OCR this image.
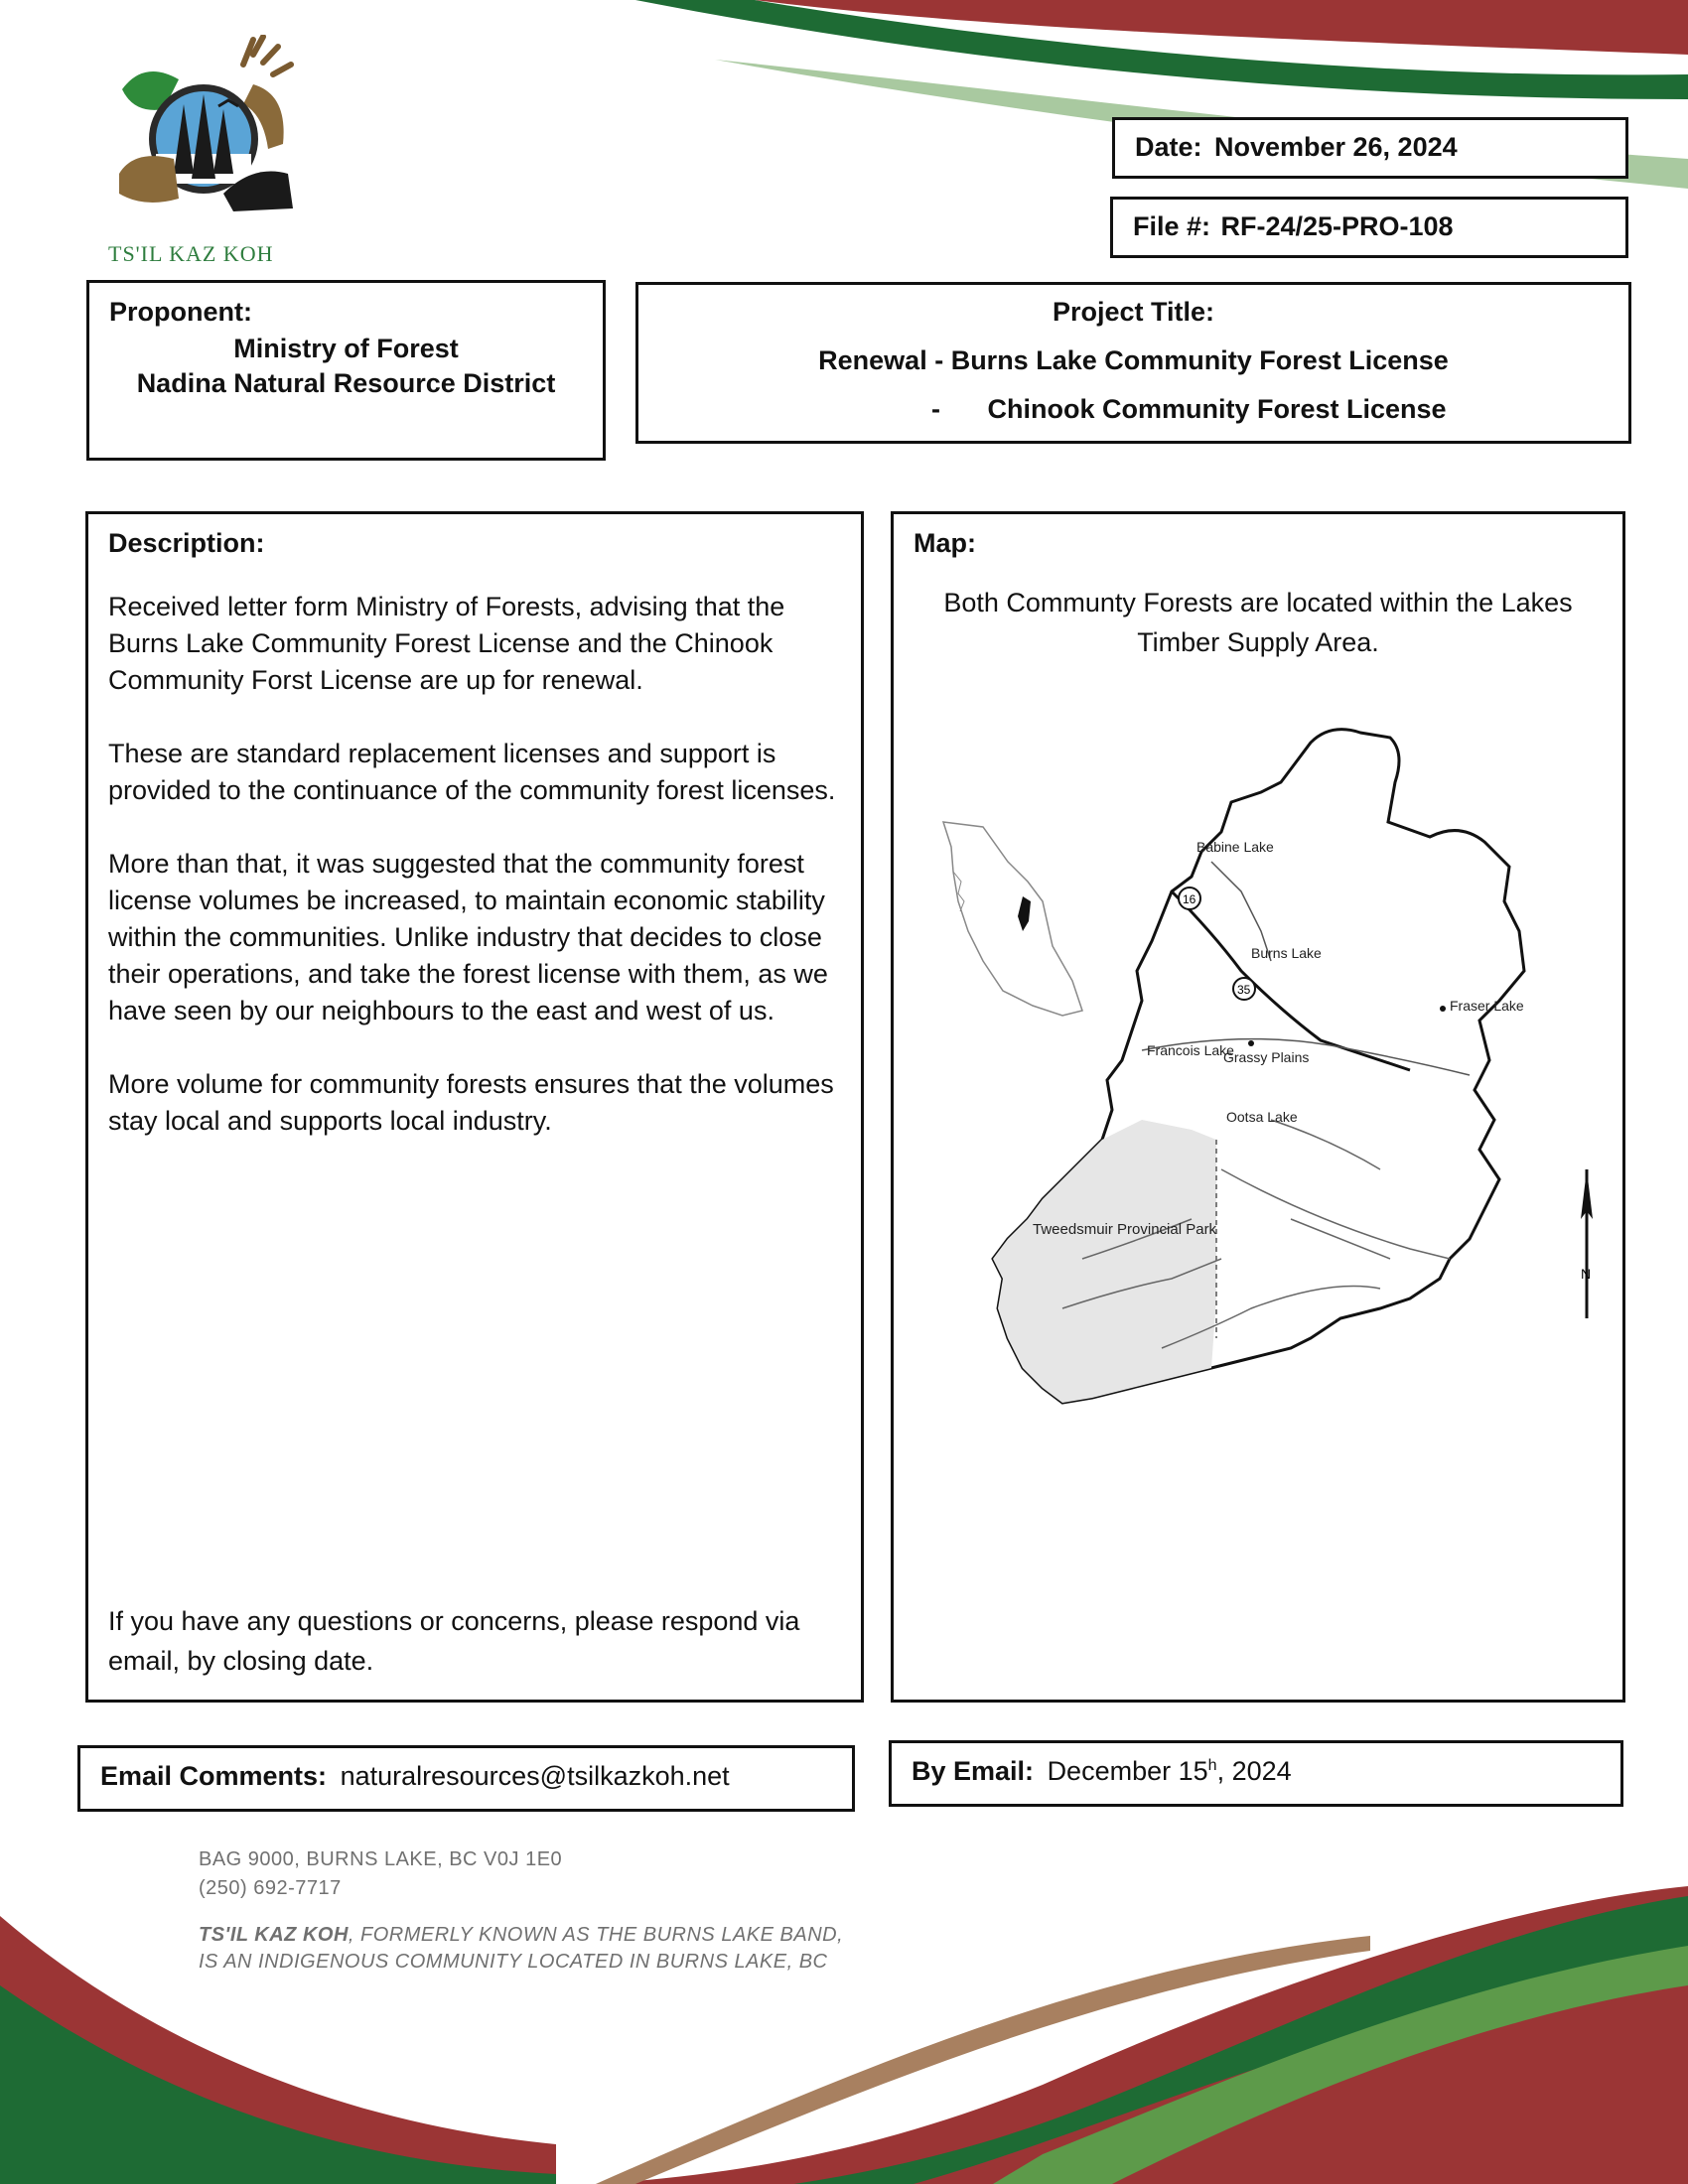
TS'IL KAZ KOH
Date: November 26, 2024
File #: RF-24/25-PRO-108
Proponent:
Ministry of Forest
Nadina Natural Resource District
Project Title:
Renewal - Burns Lake Community Forest License
- Chinook Community Forest License
Description:

Received letter form Ministry of Forests, advising that the Burns Lake Community Forest License and the Chinook Community Forst License are up for renewal.

These are standard replacement licenses and support is provided to the continuance of the community forest licenses.

More than that, it was suggested that the community forest license volumes be increased, to maintain economic stability within the communities. Unlike industry that decides to close their operations, and take the forest license with them, as we have seen by our neighbours to the east and west of us.

More volume for community forests ensures that the volumes stay local and supports local industry.

If you have any questions or concerns, please respond via email, by closing date.

Map:
Both Communty Forests are located within the Lakes Timber Supply Area.
16
35
Babine Lake
Burns Lake
Fraser Lake
Francois Lake
Grassy Plains
Ootsa Lake
Tweedsmuir Provincial Park
N
Email Comments: naturalresources@tsilkazkoh.net	By Email: December 15$^h$, 2024
BAG 9000, BURNS LAKE, BC V0J 1E0
(250) 692-7717
TS'IL KAZ KOH, FORMERLY KNOWN AS THE BURNS LAKE BAND,
IS AN INDIGENOUS COMMUNITY LOCATED IN BURNS LAKE, BC
